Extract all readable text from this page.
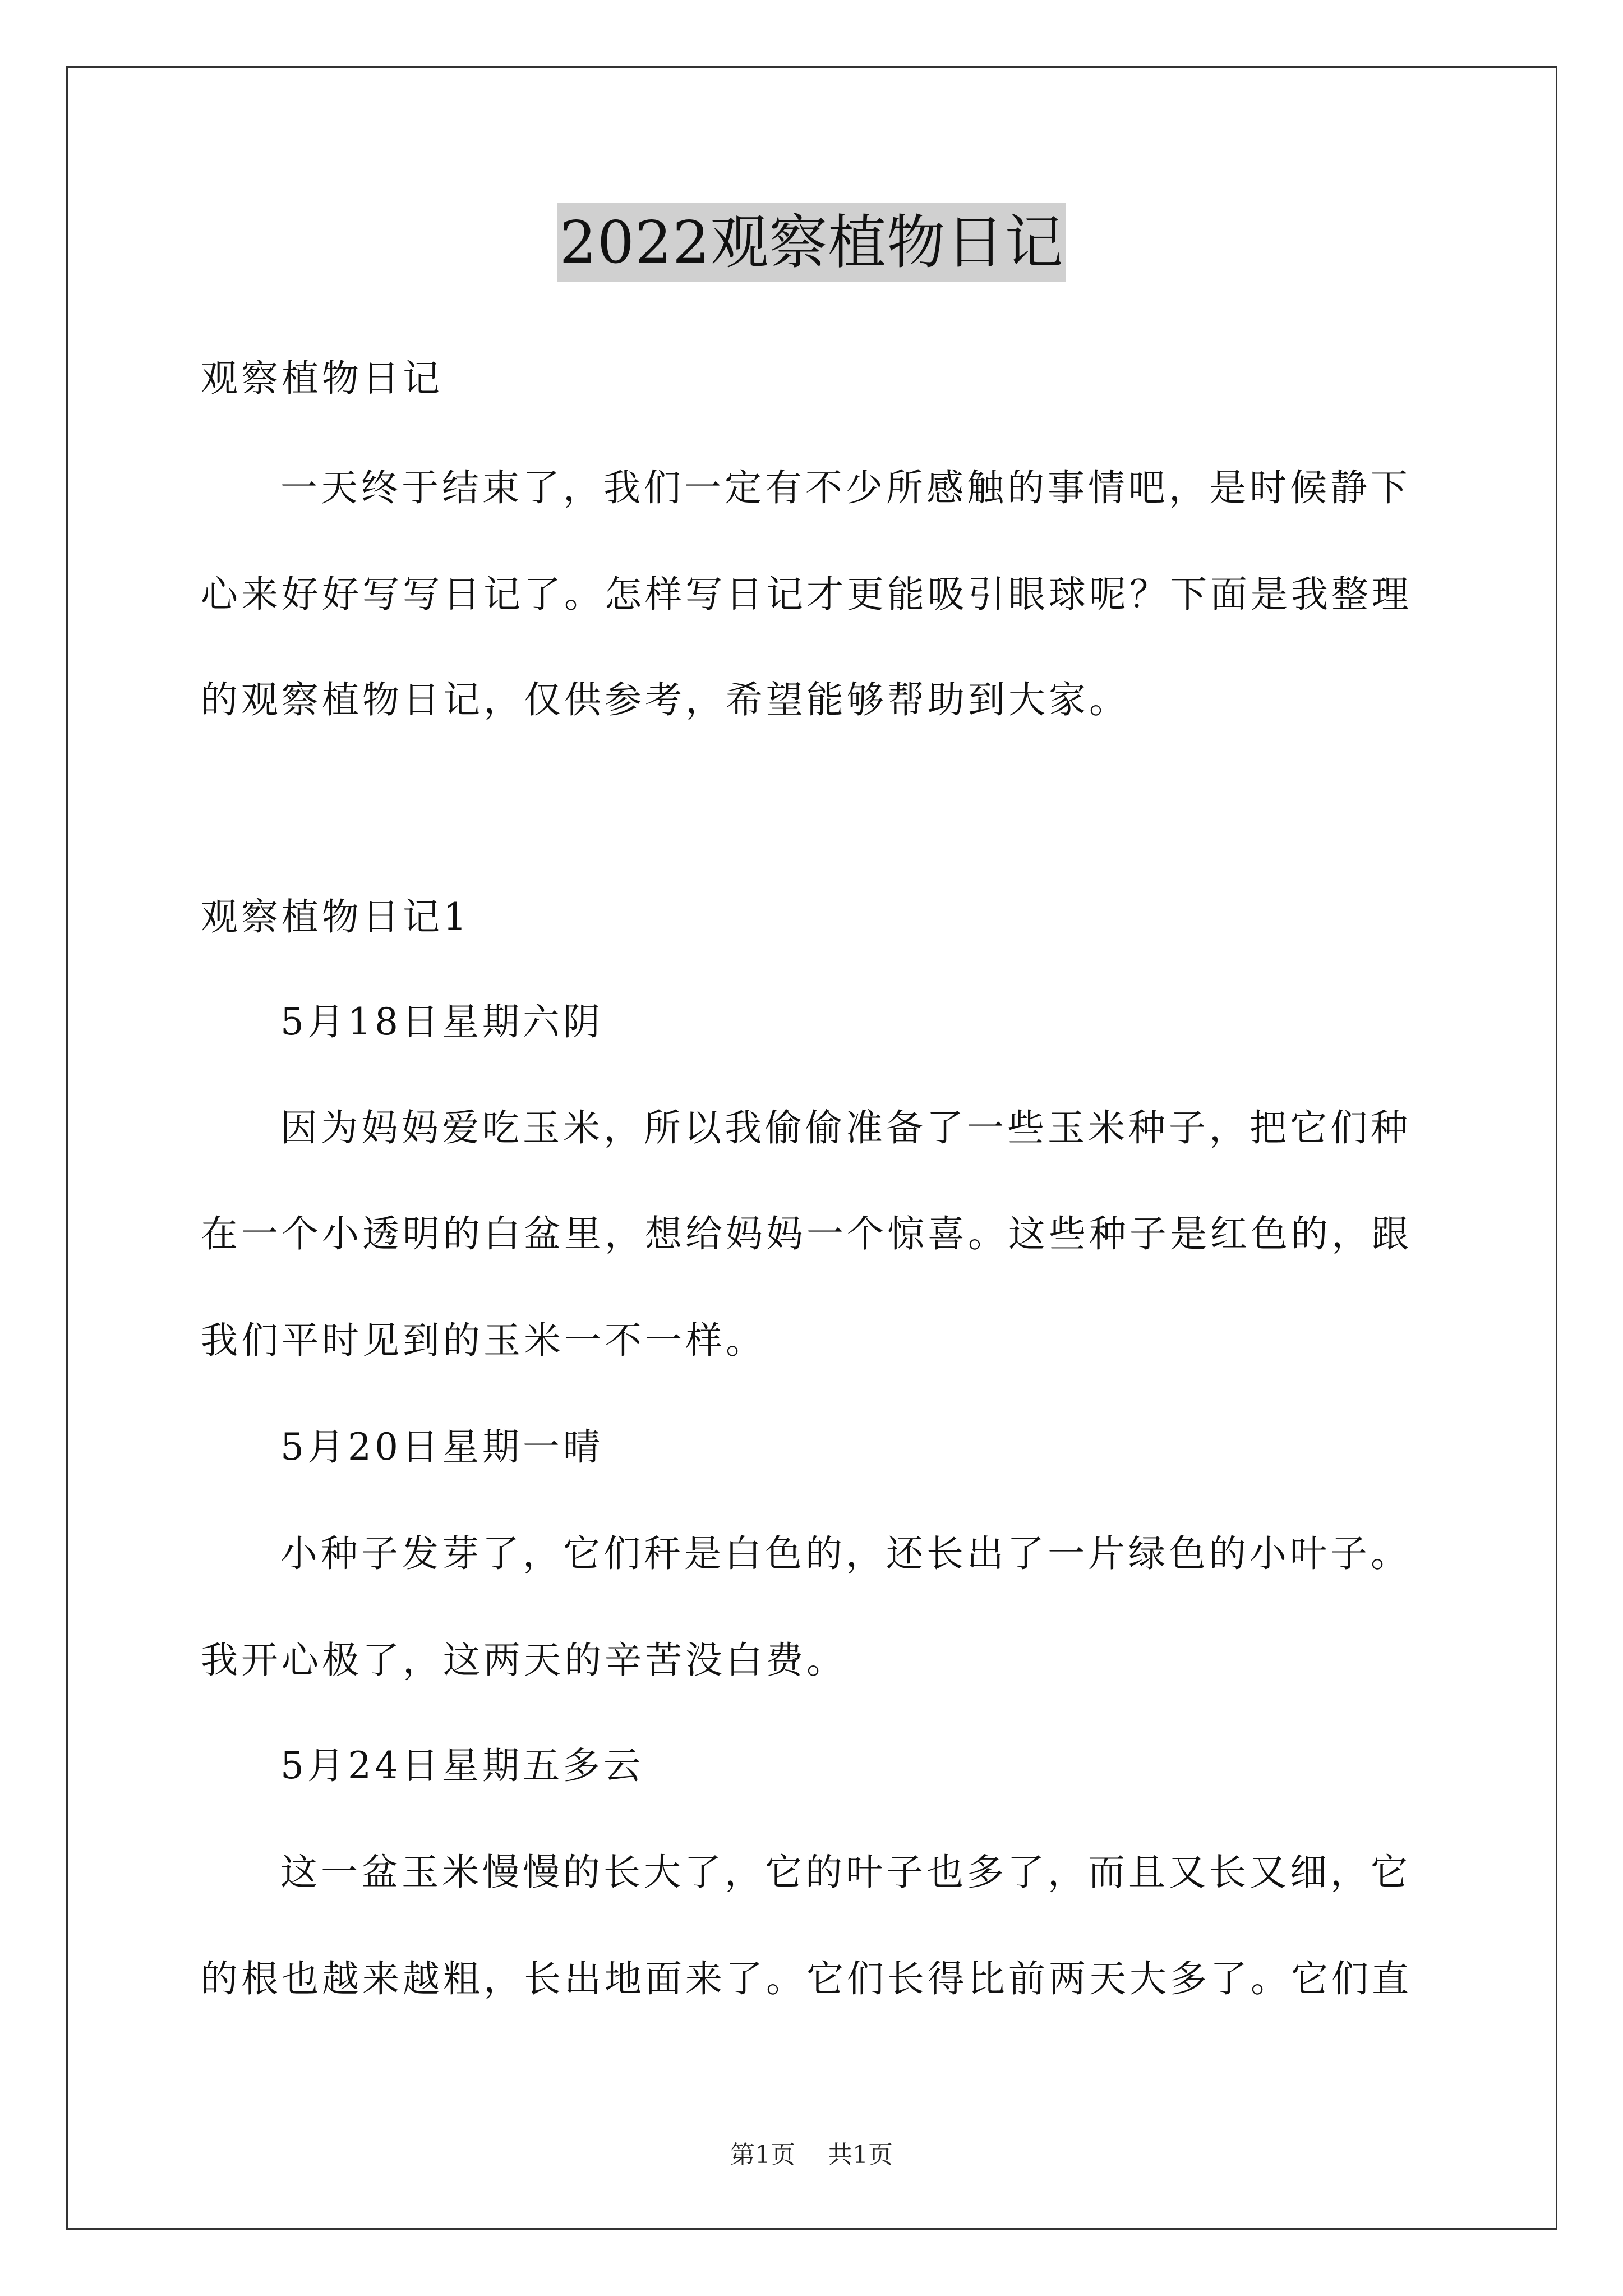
2022观察植物日记
观察植物日记
一天终于结束了，我们一定有不少所感触的事情吧，是时候静下
心来好好写写日记了。怎样写日记才更能吸引眼球呢？下面是我整理
的观察植物日记，仅供参考，希望能够帮助到大家。
观察植物日记1
5月18日星期六阴
因为妈妈爱吃玉米，所以我偷偷准备了一些玉米种子，把它们种
在一个小透明的白盆里，想给妈妈一个惊喜。这些种子是红色的，跟
我们平时见到的玉米一不一样。
5月20日星期一晴
小种子发芽了，它们秆是白色的，还长出了一片绿色的小叶子。
我开心极了，这两天的辛苦没白费。
5月24日星期五多云
这一盆玉米慢慢的长大了，它的叶子也多了，而且又长又细，它
的根也越来越粗，长出地面来了。它们长得比前两天大多了。它们直
第1页 共1页
